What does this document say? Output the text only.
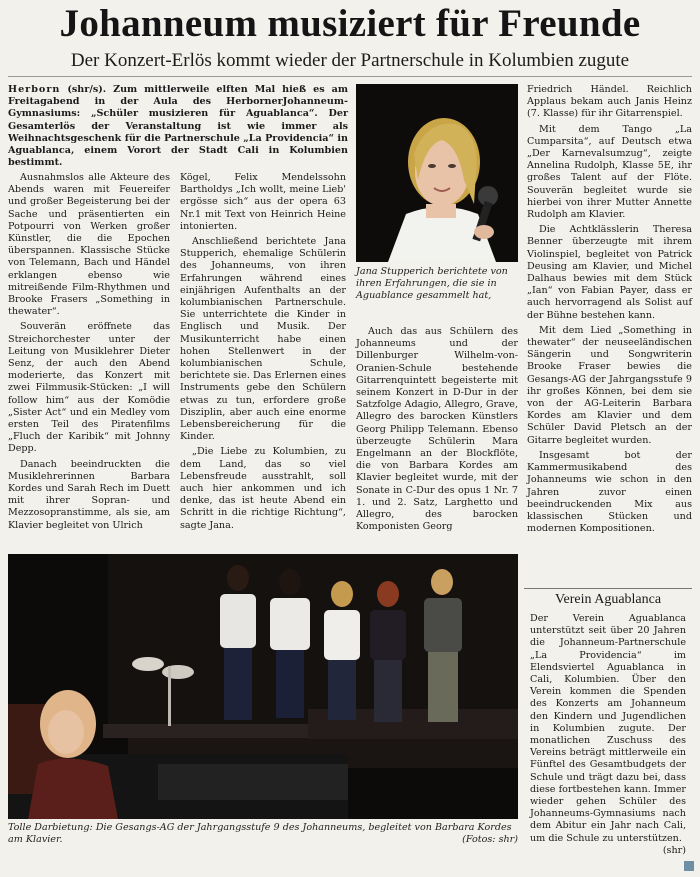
Johanneum musiziert für Freunde
Der Konzert-Erlös kommt wieder der Partnerschule in Kolumbien zugute

Herborn (shr/s). Zum mittlerweile elften Mal hieß es am Freitagabend in der Aula des HerbornerJohanneum-Gymnasiums: „Schüler musizieren für Aguablanca“. Der Gesamterlös der Veranstaltung ist wie immer als Weihnachtsgeschenk für die Partnerschule „La Providencia“ in Aguablanca, einem Vorort der Stadt Cali in Kolumbien bestimmt.

Ausnahmslos alle Akteure des Abends waren mit Feuereifer und großer Begeisterung bei der Sache und präsentierten ein Potpourri von Werken großer Künstler, die die Epochen überspannen. Klassische Stücke von Telemann, Bach und Händel erklangen ebenso wie mitreißende Film-Rhythmen und Brooke Frasers „Something in thewater“.

Souverän eröffnete das Streichorchester unter der Leitung von Musiklehrer Dieter Senz, der auch den Abend moderierte, das Konzert mit zwei Filmmusik-Stücken: „I will follow him“ aus der Komödie „Sister Act“ und ein Medley vom ersten Teil des Piratenfilms „Fluch der Karibik“ mit Johnny Depp.

Danach beeindruckten die Musiklehrerinnen Barbara Kordes und Sarah Rech im Duett mit ihrer Sopran- und Mezzosopranstimme, als sie, am Klavier begleitet von Ulrich

Kögel, Felix Mendelssohn Bartholdys „Ich wollt, meine Lieb' ergösse sich“ aus der opera 63 Nr.1 mit Text von Heinrich Heine intonierten.

Anschließend berichtete Jana Stupperich, ehemalige Schülerin des Johanneums, von ihren Erfahrungen während eines einjährigen Aufenthalts an der kolumbianischen Partnerschule. Sie unterrichtete die Kinder in Englisch und Musik. Der Musikunterricht habe einen hohen Stellenwert in der kolumbianischen Schule, berichtete sie. Das Erlernen eines Instruments gebe den Schülern etwas zu tun, erfordere große Disziplin, aber auch eine enorme Lebensbereicherung für die Kinder.

„Die Liebe zu Kolumbien, zu dem Land, das so viel Lebensfreude ausstrahlt, soll auch hier ankommen und ich denke, das ist heute Abend ein Schritt in die richtige Richtung“, sagte Jana.

Jana Stupperich berichtete von ihren Erfahrungen, die sie in Aguablance gesammelt hat,

Auch das aus Schülern des Johanneums und der Dillenburger Wilhelm-von-Oranien-Schule bestehende Gitarrenquintett begeisterte mit seinem Konzert in D-Dur in der Satzfolge Adagio, Allegro, Grave, Allegro des barocken Künstlers Georg Philipp Telemann. Ebenso überzeugte Schülerin Mara Engelmann an der Blockflöte, die von Barbara Kordes am Klavier begleitet wurde, mit der Sonate in C-Dur des opus 1 Nr. 7 1. und 2. Satz, Larghetto und Allegro, des barocken Komponisten Georg

Friedrich Händel. Reichlich Applaus bekam auch Janis Heinz (7. Klasse) für ihr Gitarrenspiel.

Mit dem Tango „La Cumparsita“, auf Deutsch etwa „Der Karnevalsumzug“, zeigte Annelina Rudolph, Klasse 5E, ihr großes Talent auf der Flöte. Souverän begleitet wurde sie hierbei von ihrer Mutter Annette Rudolph am Klavier.

Die Achtklässlerin Theresa Benner überzeugte mit ihrem Violinspiel, begleitet von Patrick Deusing am Klavier, und Michel Dalhaus bewies mit dem Stück „Ian“ von Fabian Payer, dass er auch hervorragend als Solist auf der Bühne bestehen kann.

Mit dem Lied „Something in thewater“ der neuseeländischen Sängerin und Songwriterin Brooke Fraser bewies die Gesangs-AG der Jahrgangsstufe 9 ihr großes Können, bei dem sie von der AG-Leiterin Barbara Kordes am Klavier und dem Schüler David Pletsch an der Gitarre begleitet wurden.

Insgesamt bot der Kammermusikabend des Johanneums wie schon in den Jahren zuvor einen beeindruckenden Mix aus klassischen Stücken und modernen Kompositionen.

Tolle Darbietung: Die Gesangs-AG der Jahrgangsstufe 9 des Johanneums, begleitet von Barbara Kordes am Klavier.	(Fotos: shr)
Verein Aguablanca
Der Verein Aguablanca unterstützt seit über 20 Jahren die Johanneum-Partnerschule „La Providencia“ im Elendsviertel Aguablanca in Cali, Kolumbien. Über den Verein kommen die Spenden des Konzerts am Johanneum den Kindern und Jugendlichen in Kolumbien zugute. Der monatlichen Zuschuss des Vereins beträgt mittlerweile ein Fünftel des Gesamtbudgets der Schule und trägt dazu bei, dass diese fortbestehen kann. Immer wieder gehen Schüler des Johanneums-Gymnasiums nach dem Abitur ein Jahr nach Cali, um die Schule zu unterstützen.
(shr)
